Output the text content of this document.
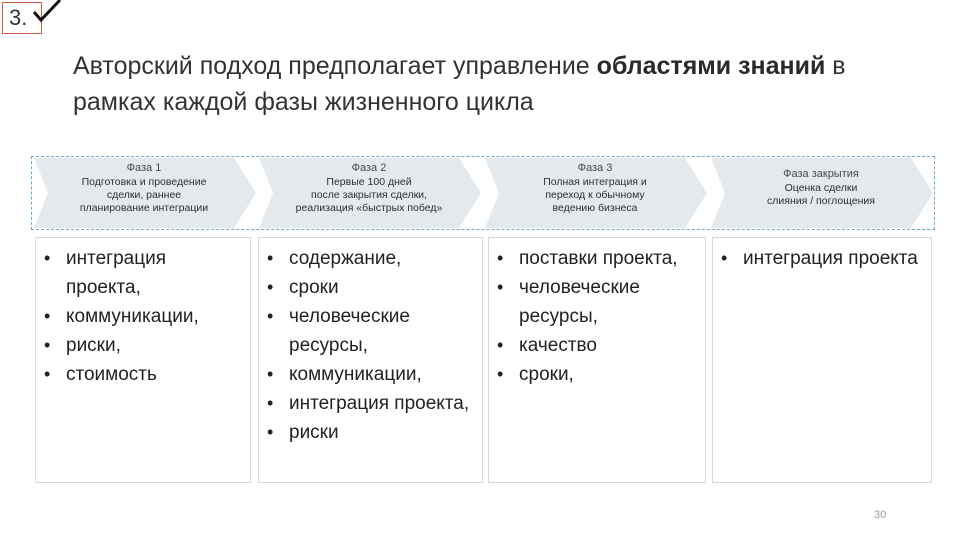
3.
Авторский подход предполагает управление областями знаний в рамках каждой фазы жизненного цикла
Фаза 1
Подготовка и проведение
сделки, раннее
планирование интеграции
Фаза 2
Первые 100 дней
после закрытия сделки,
реализация «быстрых побед»
Фаза 3
Полная интеграция и
переход к обычному
ведению бизнеса
Фаза закрытия
Оценка сделки
слияния / поглощения
• интеграция проекта,
• коммуникации,
• риски,
• стоимость
• содержание,
• сроки
• человеческие ресурсы,
• коммуникации,
• интеграция проекта,
• риски
• поставки проекта,
• человеческие ресурсы,
• качество
• сроки,
• интеграция проекта
30
